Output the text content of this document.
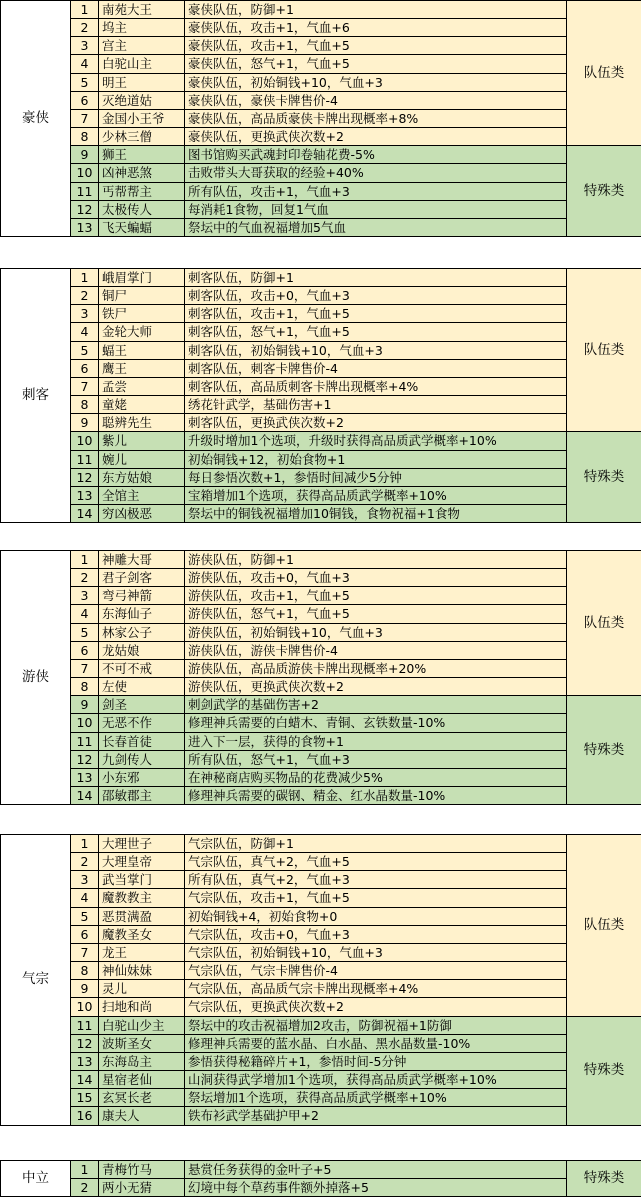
豪侠	1	南苑大王	豪侠队伍，防御+1	队伍类
	2	坞主	豪侠队伍，攻击+1，气血+6	
	3	宫主	豪侠队伍，攻击+1，气血+5	
	4	白驼山主	豪侠队伍，怒气+1，气血+5	
	5	明王	豪侠队伍，初始铜钱+10，气血+3	
	6	灭绝道姑	豪侠队伍，豪侠卡牌售价-4	
	7	金国小王爷	豪侠队伍，高品质豪侠卡牌出现概率+8%	
	8	少林三僧	豪侠队伍，更换武侠次数+2	
	9	狮王	图书馆购买武魂封印卷轴花费-5%	特殊类
	10	凶神恶煞	击败带头大哥获取的经验+40%	
	11	丐帮帮主	所有队伍，攻击+1，气血+3	
	12	太极传人	每消耗1食物，回复1气血	
	13	飞天蝙蝠	祭坛中的气血祝福增加5气血	
刺客	1	峨眉掌门	刺客队伍，防御+1	队伍类
	2	铜尸	刺客队伍，攻击+0，气血+3	
	3	铁尸	刺客队伍，攻击+1，气血+5	
	4	金轮大师	刺客队伍，怒气+1，气血+5	
	5	蝠王	刺客队伍，初始铜钱+10，气血+3	
	6	鹰王	刺客队伍，刺客卡牌售价-4	
	7	孟尝	刺客队伍，高品质刺客卡牌出现概率+4%	
	8	童姥	绣花针武学，基础伤害+1	
	9	聪辨先生	刺客队伍，更换武侠次数+2	
	10	紫儿	升级时增加1个选项，升级时获得高品质武学概率+10%	特殊类
	11	婉儿	初始铜钱+12，初始食物+1	
	12	东方姑娘	每日参悟次数+1，参悟时间减少5分钟	
	13	全馆主	宝箱增加1个选项，获得高品质武学概率+10%	
	14	穷凶极恶	祭坛中的铜钱祝福增加10铜钱，食物祝福+1食物	
游侠	1	神雕大哥	游侠队伍，防御+1	队伍类
	2	君子剑客	游侠队伍，攻击+0，气血+3	
	3	弯弓神箭	游侠队伍，攻击+1，气血+5	
	4	东海仙子	游侠队伍，怒气+1，气血+5	
	5	林家公子	游侠队伍，初始铜钱+10，气血+3	
	6	龙姑娘	游侠队伍，游侠卡牌售价-4	
	7	不可不戒	游侠队伍，高品质游侠卡牌出现概率+20%	
	8	左使	游侠队伍，更换武侠次数+2	
	9	剑圣	刺剑武学的基础伤害+2	特殊类
	10	无恶不作	修理神兵需要的白蜡木、青铜、玄铁数量-10%	
	11	长春首徒	进入下一层，获得的食物+1	
	12	九剑传人	所有队伍，怒气+1，气血+3	
	13	小东邪	在神秘商店购买物品的花费减少5%	
	14	邵敏郡主	修理神兵需要的碳钢、精金、红水晶数量-10%	
气宗	1	大理世子	气宗队伍，防御+1	队伍类
	2	大理皇帝	气宗队伍，真气+2，气血+5	
	3	武当掌门	所有队伍，真气+2，气血+3	
	4	魔教教主	气宗队伍，攻击+1，气血+5	
	5	恶贯满盈	初始铜钱+4，初始食物+0	
	6	魔教圣女	气宗队伍，攻击+0，气血+3	
	7	龙王	气宗队伍，初始铜钱+10，气血+3	
	8	神仙妹妹	气宗队伍，气宗卡牌售价-4	
	9	灵儿	气宗队伍，高品质气宗卡牌出现概率+4%	
	10	扫地和尚	气宗队伍，更换武侠次数+2	
	11	白驼山少主	祭坛中的攻击祝福增加2攻击，防御祝福+1防御	特殊类
	12	波斯圣女	修理神兵需要的蓝水晶、白水晶、黑水晶数量-10%	
	13	东海岛主	参悟获得秘籍碎片+1，参悟时间-5分钟	
	14	星宿老仙	山洞获得武学增加1个选项，获得高品质武学概率+10%	
	15	玄冥长老	祭坛增加1个选项，获得高品质武学概率+10%	
	16	康夫人	铁布衫武学基础护甲+2	
中立	1	青梅竹马	悬赏任务获得的金叶子+5	特殊类
	2	两小无猜	幻境中每个草药事件额外掉落+5	
